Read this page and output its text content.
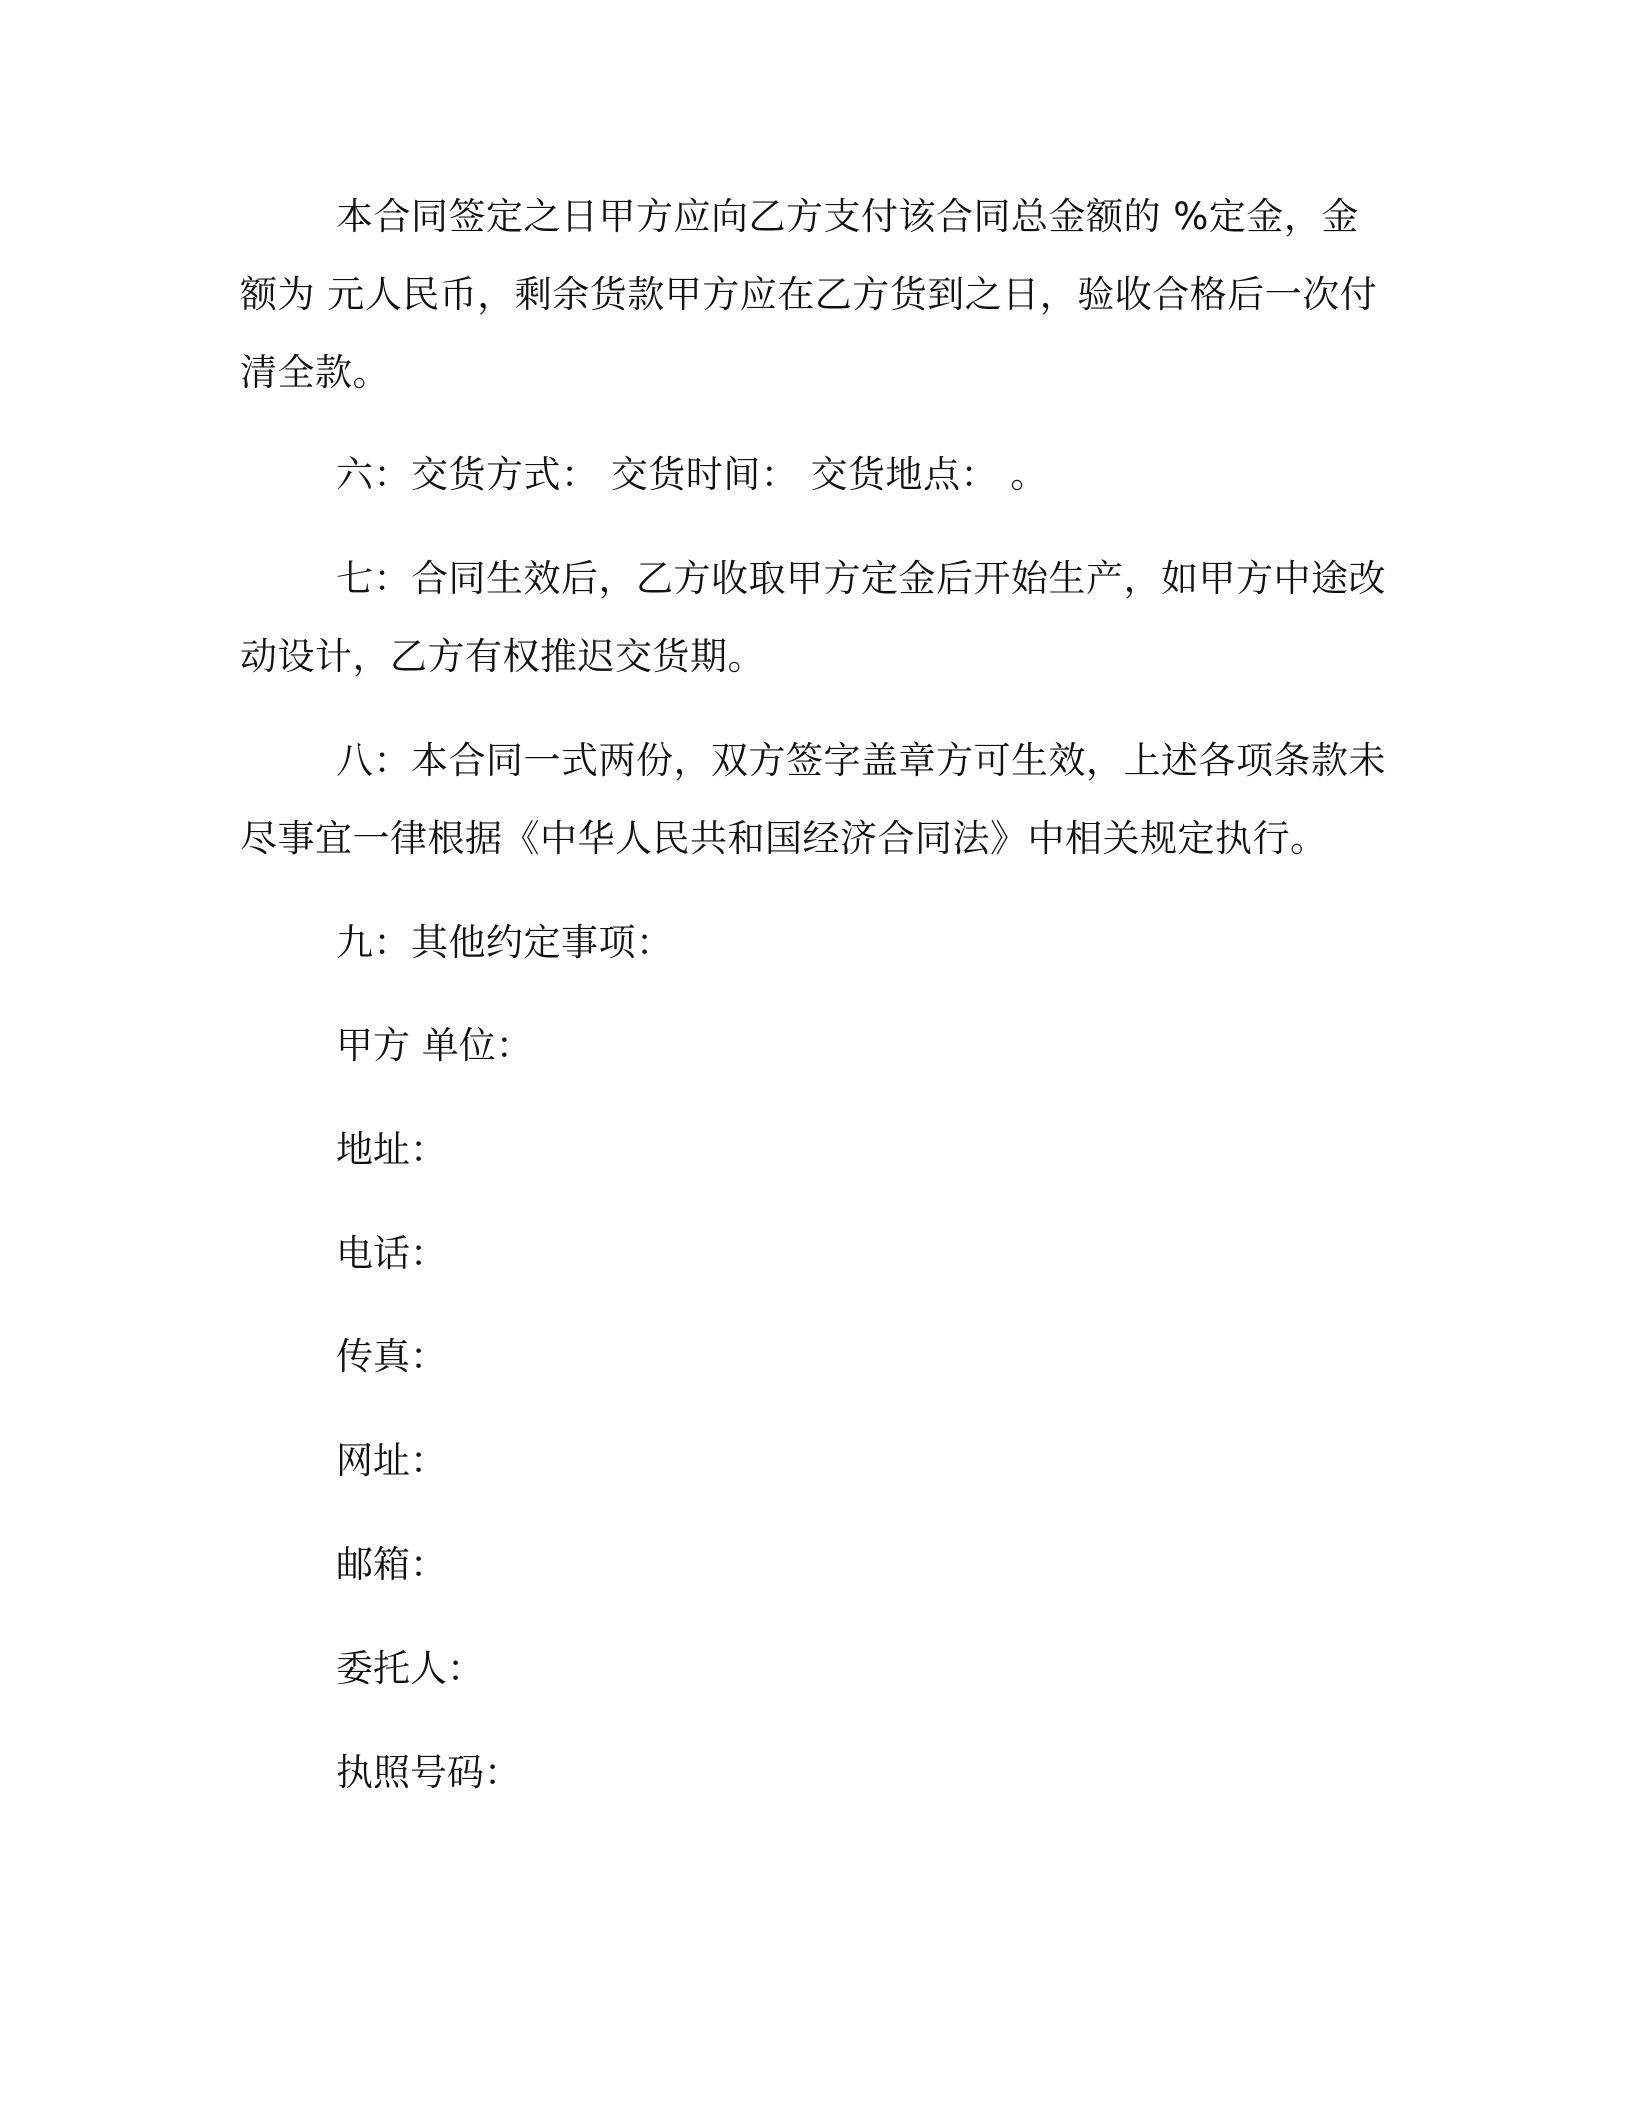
本合同签定之日甲方应向乙方支付该合同总金额的 %定金，金额为 元人民币，剩余货款甲方应在乙方货到之日，验收合格后一次付清全款。

六：交货方式： 交货时间： 交货地点： 。

七：合同生效后，乙方收取甲方定金后开始生产，如甲方中途改动设计，乙方有权推迟交货期。

八：本合同一式两份，双方签字盖章方可生效，上述各项条款未尽事宜一律根据《中华人民共和国经济合同法》中相关规定执行。

九：其他约定事项：

甲方 单位：

地址：

电话：

传真：

网址：

邮箱：

委托人：

执照号码：
